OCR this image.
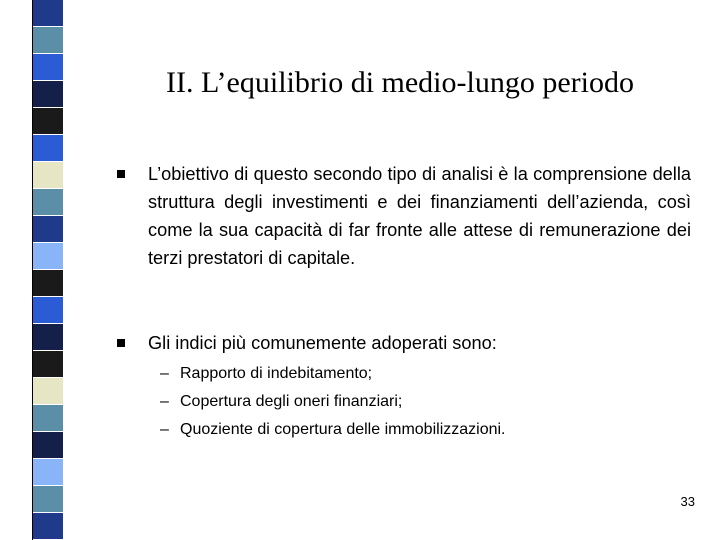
II. L’equilibrio di medio-lungo periodo
L’obiettivo di questo secondo tipo di analisi è la comprensione della struttura degli investimenti e dei finanziamenti dell’azienda, così come la sua capacità di far fronte alle attese di remunerazione dei terzi prestatori di capitale.
Gli indici più comunemente adoperati sono:
– Rapporto di indebitamento;
– Copertura degli oneri finanziari;
– Quoziente di copertura delle immobilizzazioni.
33
